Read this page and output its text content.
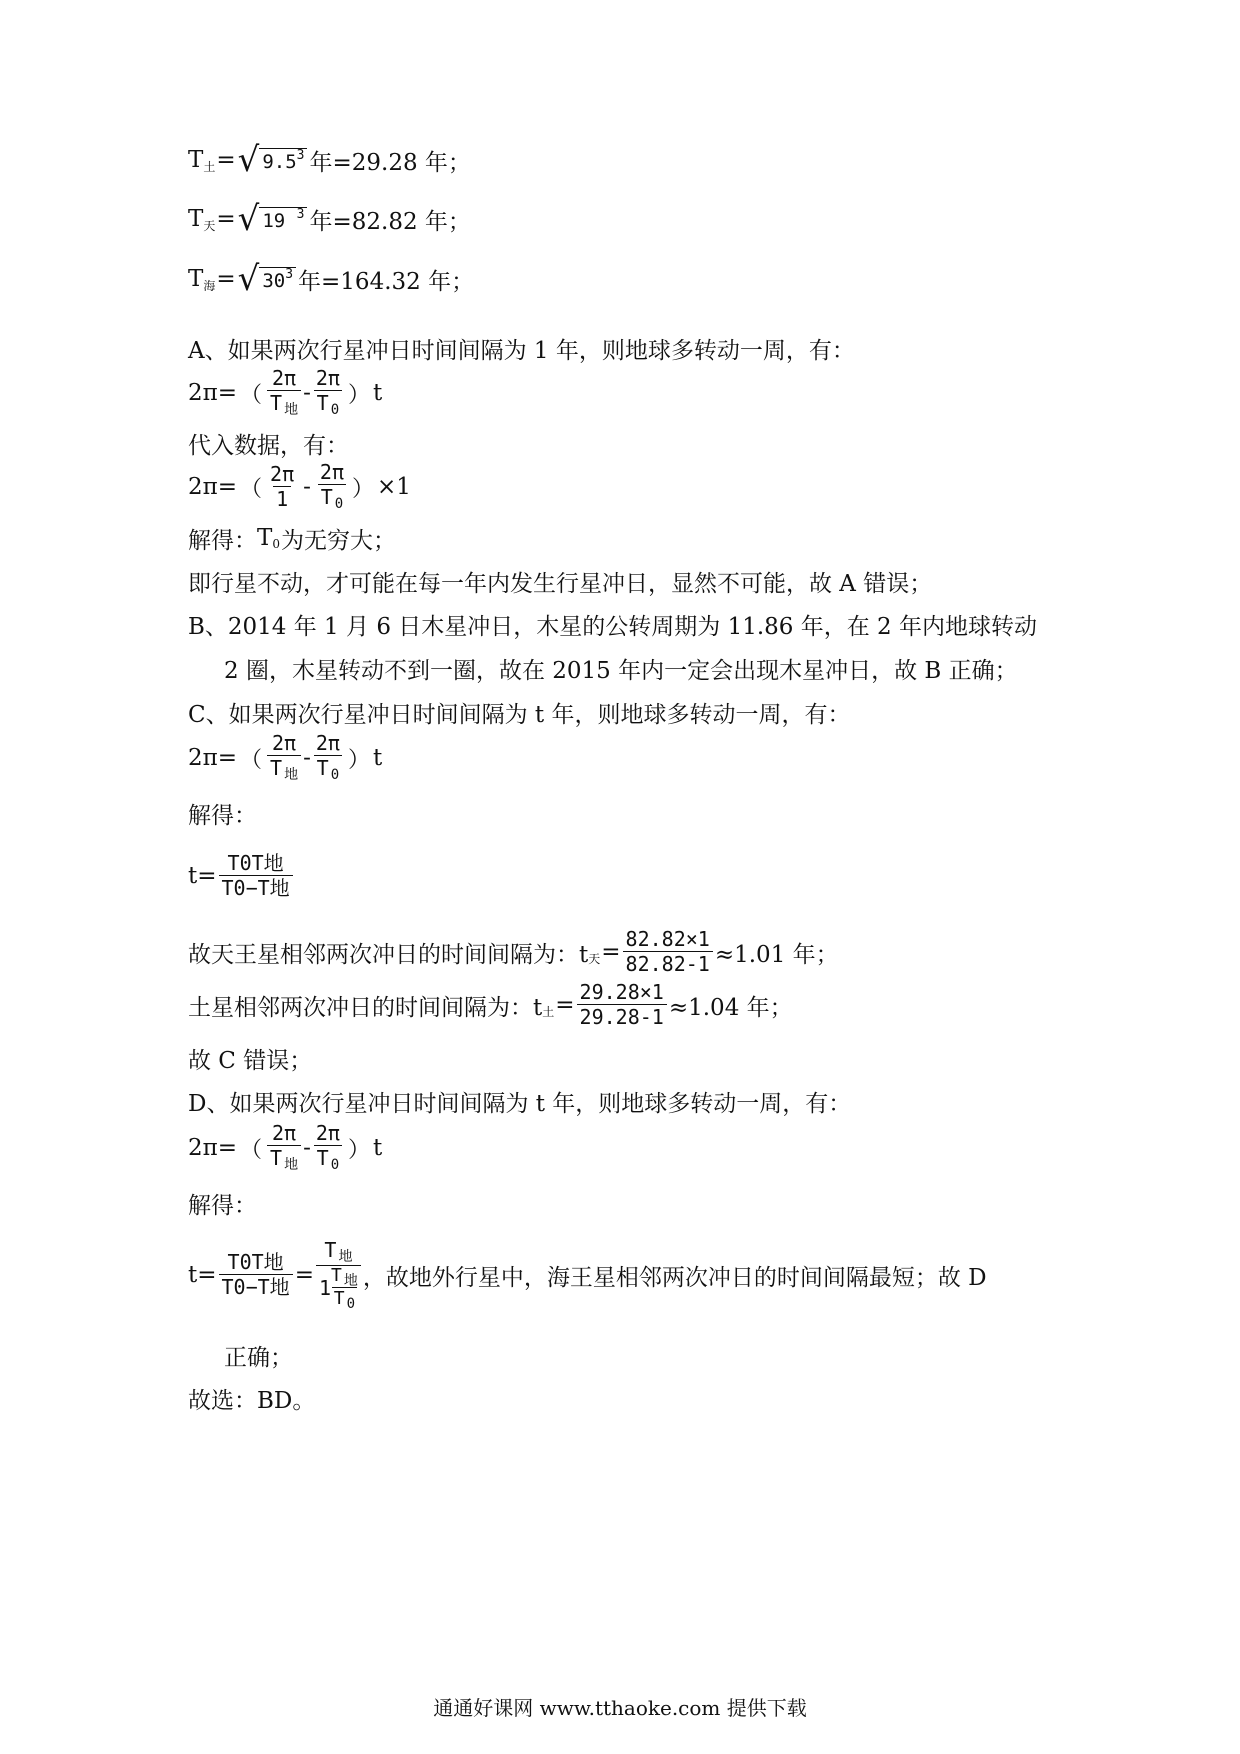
T 土 = √ $9.5^3$ 年=29.28 年；
T 天 = √ 19 $^3$ 年=82.82 年；
T 海 = √ $30^3$ 年=164.32 年；
A、如果两次行星冲日时间间隔为 1 年，则地球多转动一周，有：
2π= （ $\frac{2\pi}{T _地} - \frac{2\pi}{T _0}$ ） t
代入数据，有：
2π= （ $\frac{2\pi}{1} - \frac{2\pi}{T _0}$ ） ×1
解得： T 0 为无穷大；
即行星不动，才可能在每一年内发生行星冲日，显然不可能，故 A 错误；
B、2014 年 1 月 6 日木星冲日，木星的公转周期为 11.86 年，在 2 年内地球转动
2 圈，木星转动不到一圈，故在 2015 年内一定会出现木星冲日，故 B 正确；
C、如果两次行星冲日时间间隔为 t 年，则地球多转动一周，有：
2π= （ $\frac{2\pi}{T _地} - \frac{2\pi}{T _0}$ ） t
解得：
$t= \frac{\text{T0T地}}{\text{T0−T地}}$
故天王星相邻两次冲日的时间间隔为：t 天 = $\frac{82.82\times 1}{82.82-1} \approx 1.01$ 年；
土星相邻两次冲日的时间间隔为：t 土 = $\frac{29.28\times 1}{29.28-1} \approx 1.04$ 年；
故 C 错误；
D、如果两次行星冲日时间间隔为 t 年，则地球多转动一周，有：
2π= （ $\frac{2\pi}{T _地} - \frac{2\pi}{T _0}$ ） t
解得：
$t= \frac{\text{T0T地}}{\text{T0−T地}} = \frac{T _地}{1 \frac{T _地}{T _0}}$ ，故地外行星中，海王星相邻两次冲日的时间间隔最短；故 D
正确；
故选：BD。
通通好课网 www.tthaoke.com 提供下载
